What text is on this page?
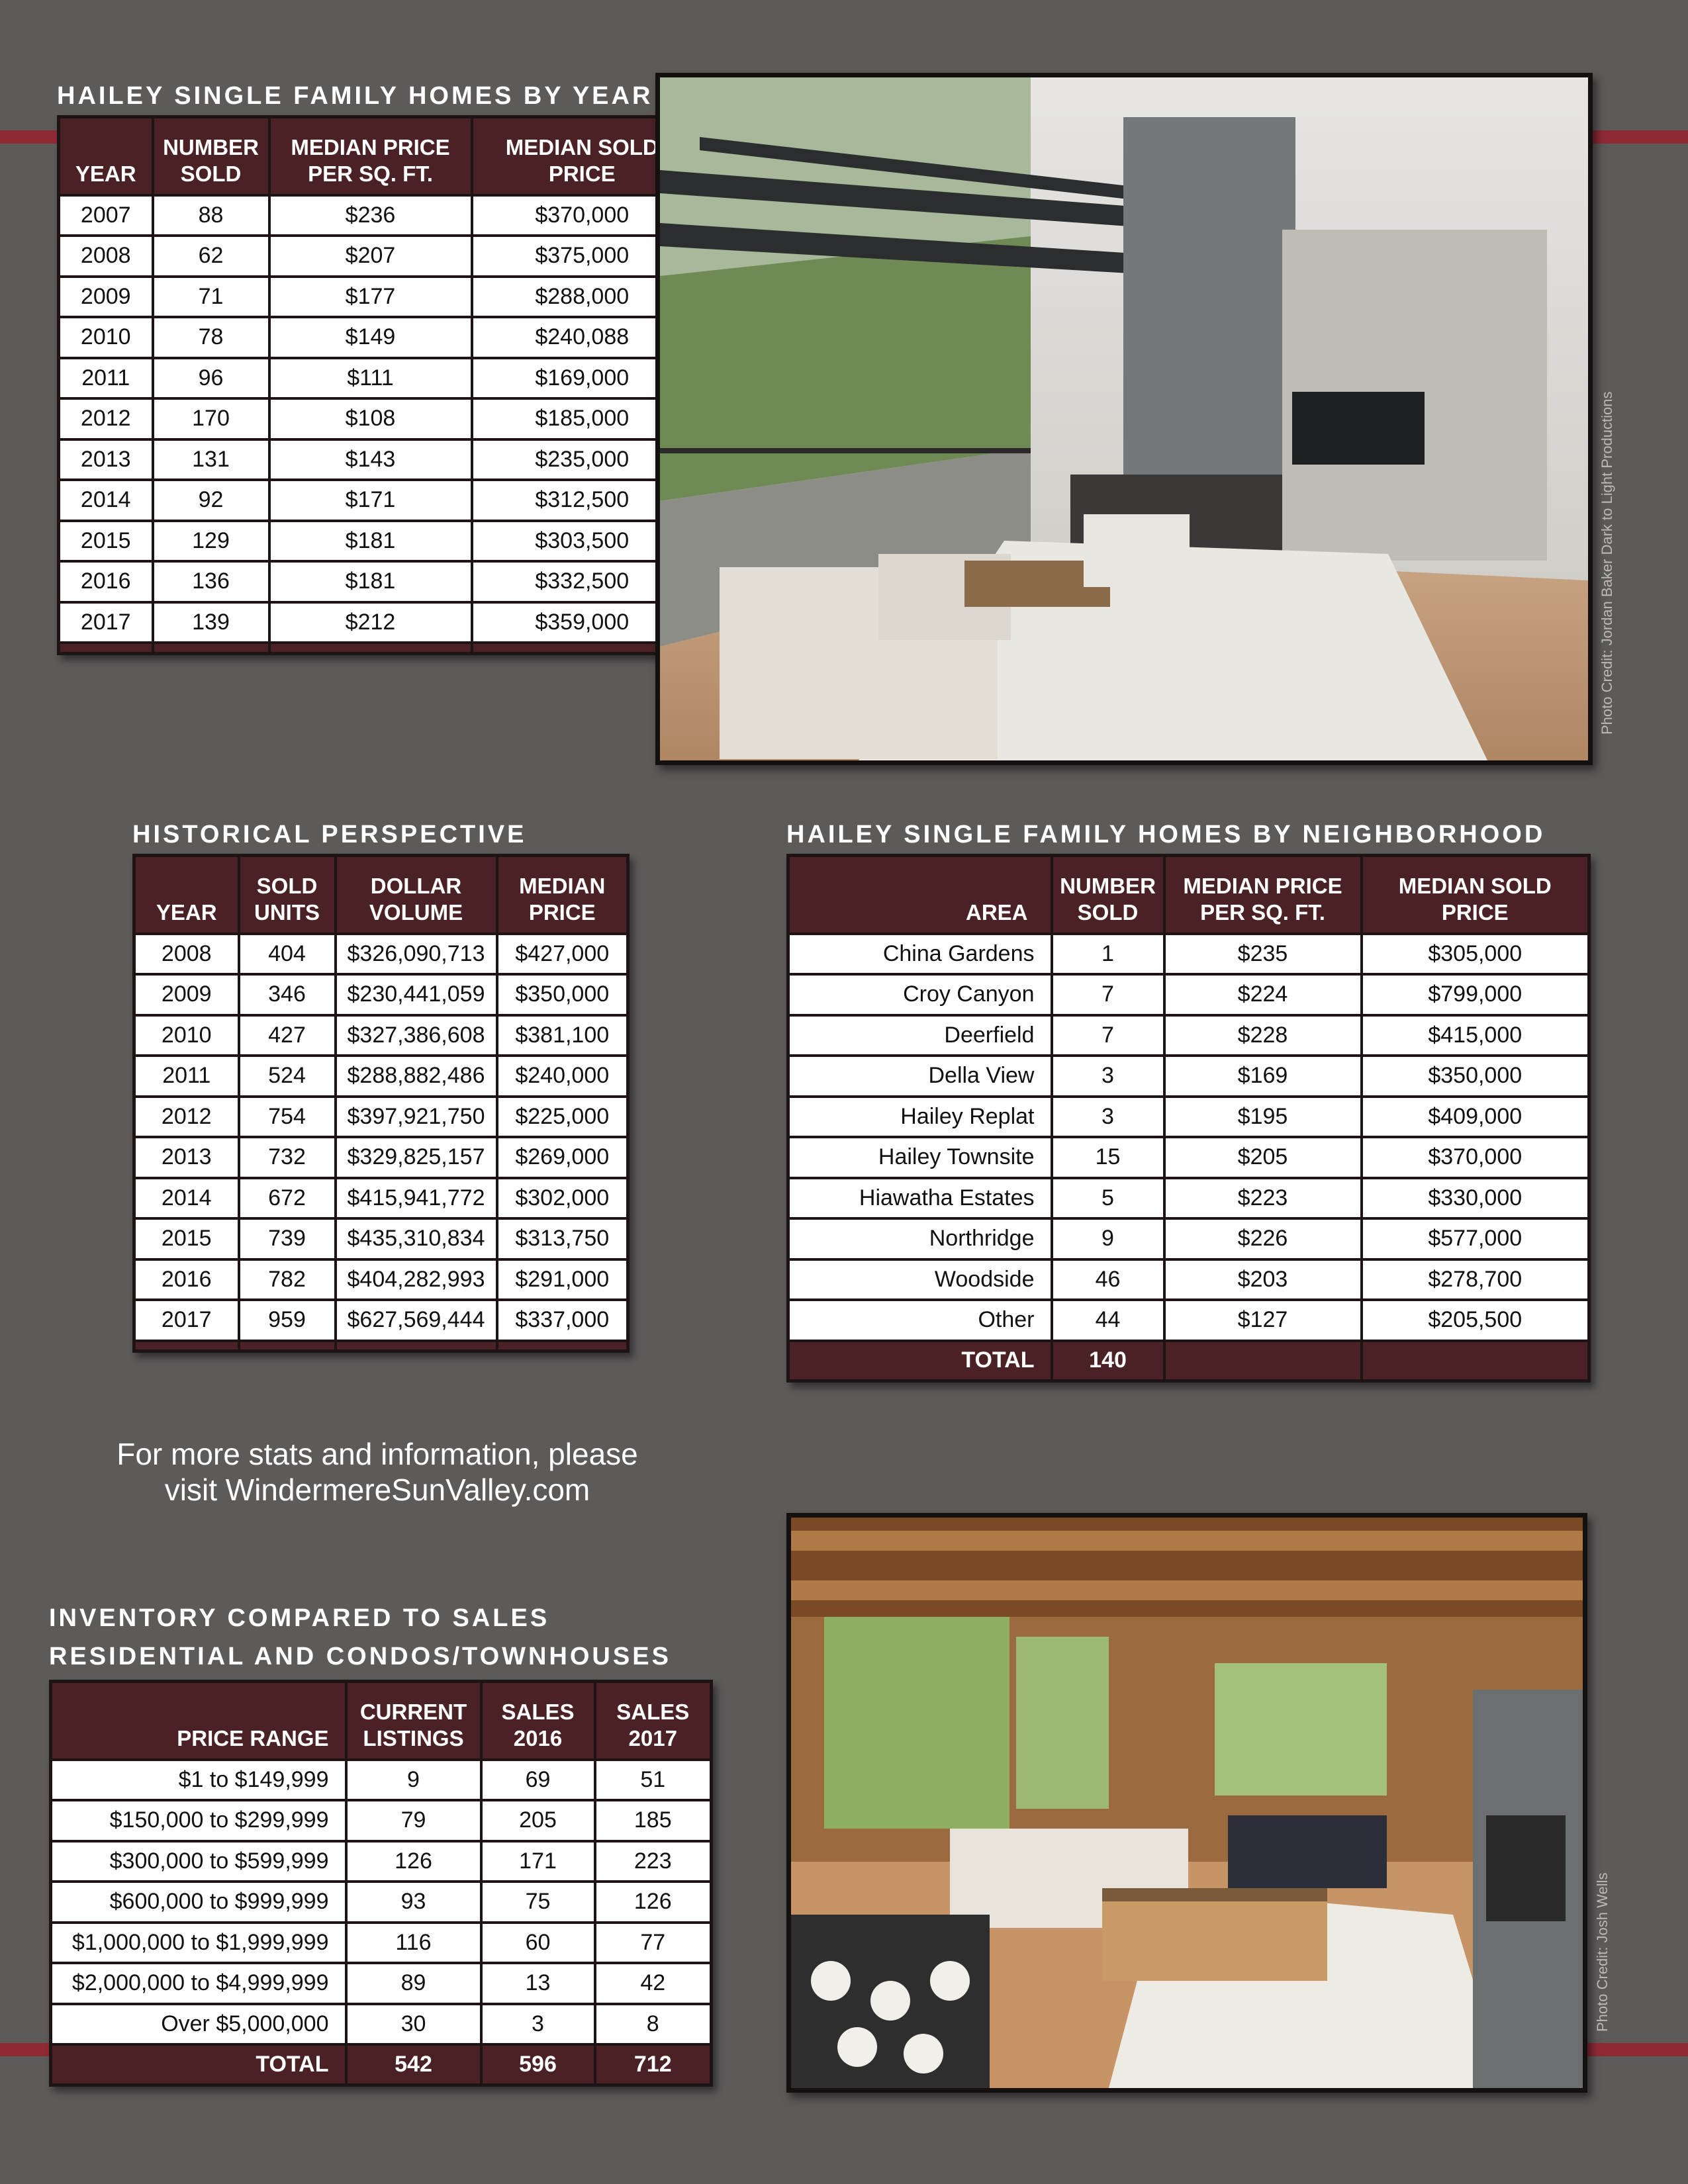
HAILEY SINGLE FAMILY HOMES BY YEAR
YEAR	NUMBER SOLD	MEDIAN PRICE PER SQ. FT.	MEDIAN SOLD PRICE
2007	88	$236	$370,000
2008	62	$207	$375,000
2009	71	$177	$288,000
2010	78	$149	$240,088
2011	96	$111	$169,000
2012	170	$108	$185,000
2013	131	$143	$235,000
2014	92	$171	$312,500
2015	129	$181	$303,500
2016	136	$181	$332,500
2017	139	$212	$359,000
				Photo Credit: Jordan Baker Dark to Light Productions
HISTORICAL PERSPECTIVE
YEAR	SOLD UNITS	DOLLAR VOLUME	MEDIAN PRICE
2008	404	$326,090,713	$427,000
2009	346	$230,441,059	$350,000
2010	427	$327,386,608	$381,100
2011	524	$288,882,486	$240,000
2012	754	$397,921,750	$225,000
2013	732	$329,825,157	$269,000
2014	672	$415,941,772	$302,000
2015	739	$435,310,834	$313,750
2016	782	$404,282,993	$291,000
2017	959	$627,569,444	$337,000

HAILEY SINGLE FAMILY HOMES BY NEIGHBORHOOD
AREA	NUMBER SOLD	MEDIAN PRICE PER SQ. FT.	MEDIAN SOLD PRICE
China Gardens	1	$235	$305,000
Croy Canyon	7	$224	$799,000
Deerfield	7	$228	$415,000
Della View	3	$169	$350,000
Hailey Replat	3	$195	$409,000
Hailey Townsite	15	$205	$370,000
Hiawatha Estates	5	$223	$330,000
Northridge	9	$226	$577,000
Woodside	46	$203	$278,700
Other	44	$127	$205,500
TOTAL	140		
For more stats and information, please
visit WindermereSunValley.com
INVENTORY COMPARED TO SALES
RESIDENTIAL AND CONDOS/TOWNHOUSES
PRICE RANGE	CURRENT LISTINGS	SALES 2016	SALES 2017
$1 to $149,999	9	69	51
$150,000 to $299,999	79	205	185
$300,000 to $599,999	126	171	223
$600,000 to $999,999	93	75	126
$1,000,000 to $1,999,999	116	60	77
$2,000,000 to $4,999,999	89	13	42
Over $5,000,000	30	3	8
TOTAL	542	596	712
Photo Credit: Josh Wells
